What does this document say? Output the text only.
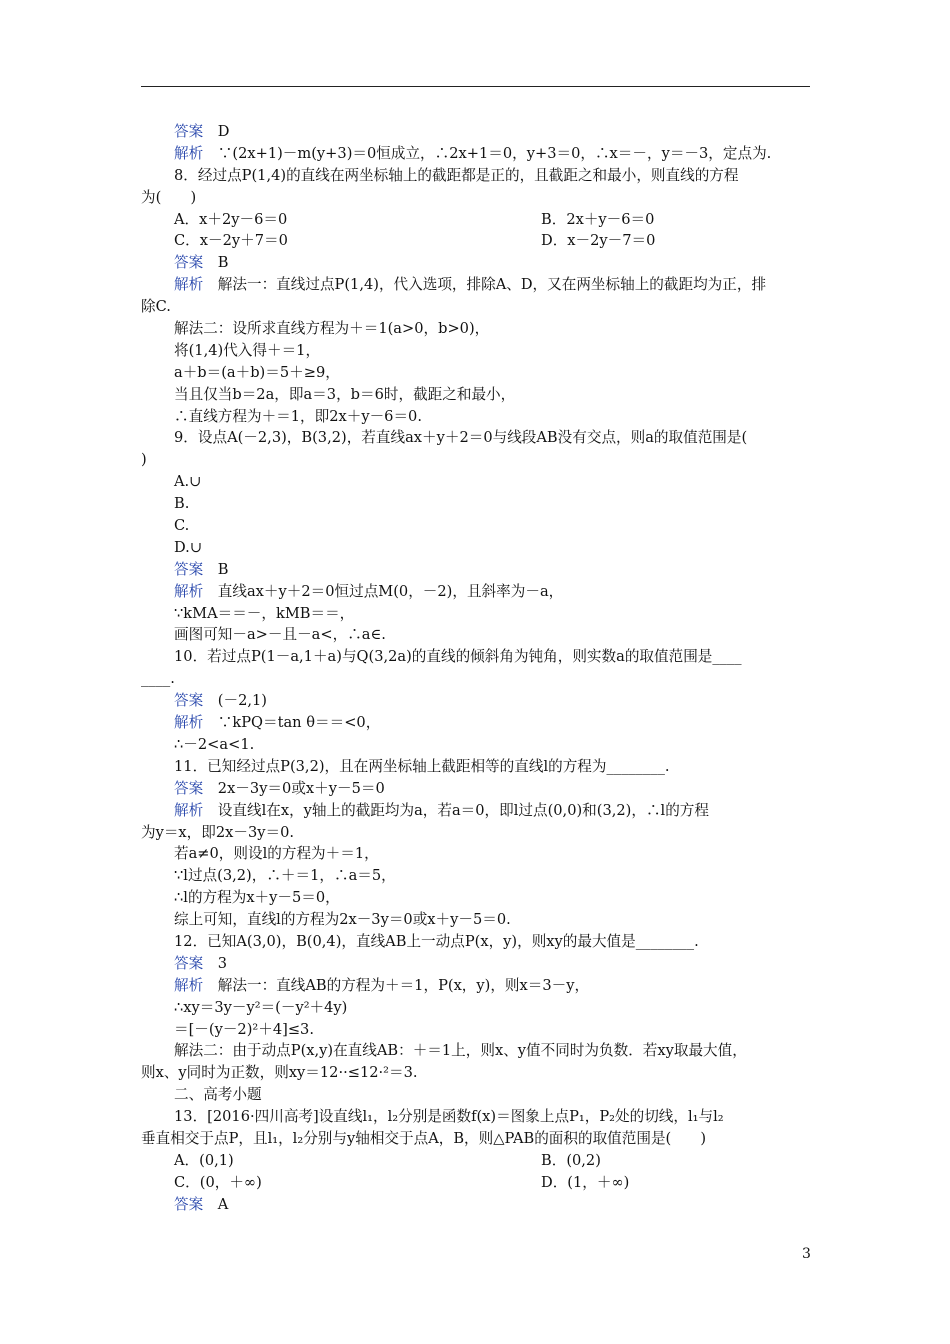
答案　D
解析　∵(2x+1)－m(y+3)＝0恒成立，∴2x+1＝0，y+3＝0，∴x＝－，y＝－3，定点为.
8．经过点P(1,4)的直线在两坐标轴上的截距都是正的，且截距之和最小，则直线的方程
为(　　)
A．x＋2y－6＝0	B．2x＋y－6＝0
C．x－2y＋7＝0	D．x－2y－7＝0
答案　B
解析　解法一：直线过点P(1,4)，代入选项，排除A、D，又在两坐标轴上的截距均为正，排
除C.
解法二：设所求直线方程为＋＝1(a>0，b>0)，
将(1,4)代入得＋＝1，
a＋b＝(a＋b)＝5＋≥9，
当且仅当b＝2a，即a＝3，b＝6时，截距之和最小，
∴直线方程为＋＝1，即2x＋y－6＝0.
9．设点A(－2,3)，B(3,2)，若直线ax＋y＋2＝0与线段AB没有交点，则a的取值范围是(
)
A.∪
B.
C.
D.∪
答案　B
解析　直线ax＋y＋2＝0恒过点M(0，－2)，且斜率为－a，
∵kMA＝＝－，kMB＝＝，
画图可知－a>－且－a<，∴a∈.
10．若过点P(1－a,1＋a)与Q(3,2a)的直线的倾斜角为钝角，则实数a的取值范围是____
____.
答案　(－2,1)
解析　∵kPQ＝tan θ＝＝<0，
∴－2<a<1.
11．已知经过点P(3,2)，且在两坐标轴上截距相等的直线l的方程为________.
答案　2x－3y＝0或x＋y－5＝0
解析　设直线l在x，y轴上的截距均为a，若a＝0，即l过点(0,0)和(3,2)，∴l的方程
为y＝x，即2x－3y＝0.
若a≠0，则设l的方程为＋＝1，
∵l过点(3,2)，∴＋＝1，∴a＝5，
∴l的方程为x＋y－5＝0，
综上可知，直线l的方程为2x－3y＝0或x＋y－5＝0.
12．已知A(3,0)，B(0,4)，直线AB上一动点P(x，y)，则xy的最大值是________.
答案　3
解析　解法一：直线AB的方程为＋＝1，P(x，y)，则x＝3－y，
∴xy＝3y－y²＝(－y²＋4y)
＝[－(y－2)²＋4]≤3.
解法二：由于动点P(x,y)在直线AB：＋＝1上，则x、y值不同时为负数．若xy取最大值，
则x、y同时为正数，则xy＝12··≤12·²＝3.
二、高考小题
13．[2016·四川高考]设直线l₁，l₂分别是函数f(x)＝图象上点P₁，P₂处的切线，l₁与l₂
垂直相交于点P，且l₁，l₂分别与y轴相交于点A，B，则△PAB的面积的取值范围是(　　)
A．(0,1)	B．(0,2)
C．(0，＋∞)	D．(1，＋∞)
答案　A
3
